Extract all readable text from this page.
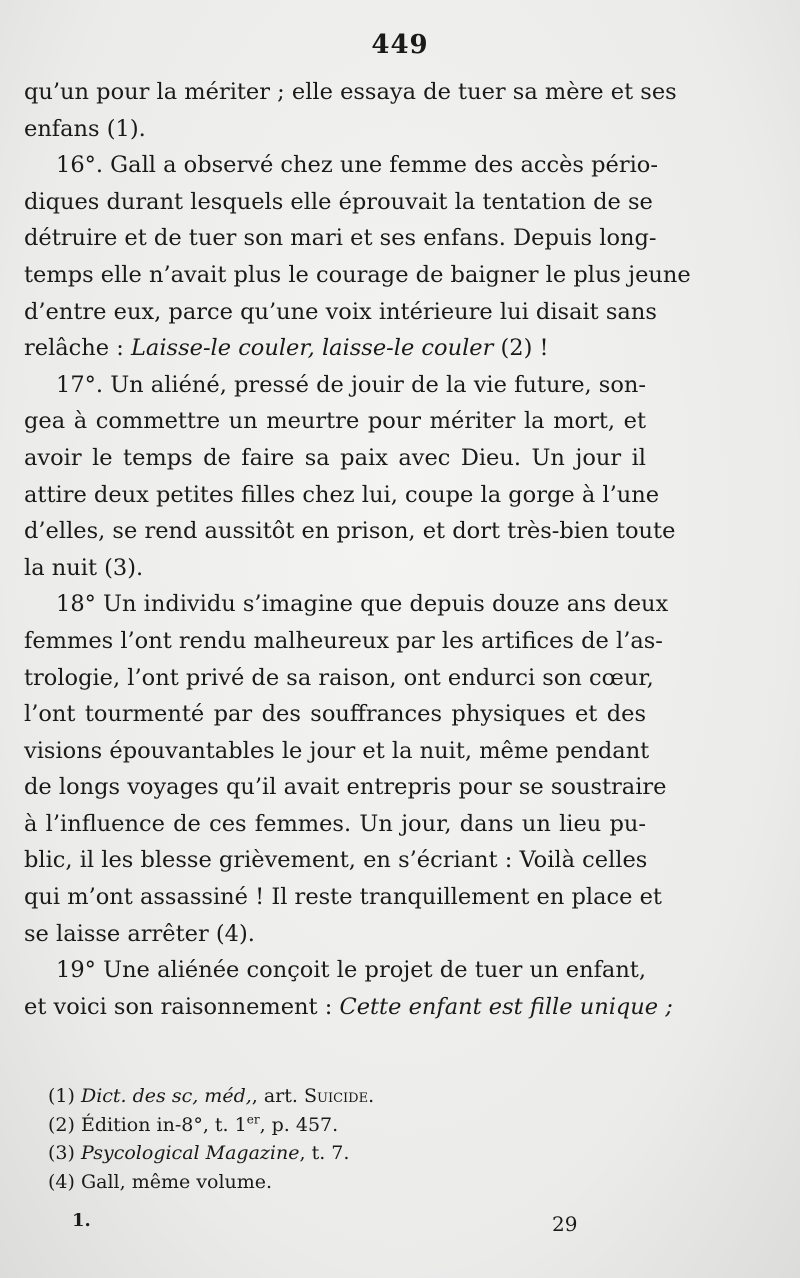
449
qu’un pour la mériter ; elle essaya de tuer sa mère et ses
enfans (1).
16°. Gall a observé chez une femme des accès pério-
diques durant lesquels elle éprouvait la tentation de se
détruire et de tuer son mari et ses enfans. Depuis long-
temps elle n’avait plus le courage de baigner le plus jeune
d’entre eux, parce qu’une voix intérieure lui disait sans
relâche : Laisse-le couler, laisse-le couler (2) !
17°. Un aliéné, pressé de jouir de la vie future, son-
gea à commettre un meurtre pour mériter la mort, et
avoir le temps de faire sa paix avec Dieu. Un jour il
attire deux petites filles chez lui, coupe la gorge à l’une
d’elles, se rend aussitôt en prison, et dort très-bien toute
la nuit (3).
18° Un individu s’imagine que depuis douze ans deux
femmes l’ont rendu malheureux par les artifices de l’as-
trologie, l’ont privé de sa raison, ont endurci son cœur,
l’ont tourmenté par des souffrances physiques et des
visions épouvantables le jour et la nuit, même pendant
de longs voyages qu’il avait entrepris pour se soustraire
à l’influence de ces femmes. Un jour, dans un lieu pu-
blic, il les blesse grièvement, en s’écriant : Voilà celles
qui m’ont assassiné ! Il reste tranquillement en place et
se laisse arrêter (4).
19° Une aliénée conçoit le projet de tuer un enfant,
et voici son raisonnement : Cette enfant est fille unique ;
(1) Dict. des sc, méd,, art. Suicide.
(2) Édition in-8°, t. 1er, p. 457.
(3) Psycological Magazine, t. 7.
(4) Gall, même volume.
1.	29
